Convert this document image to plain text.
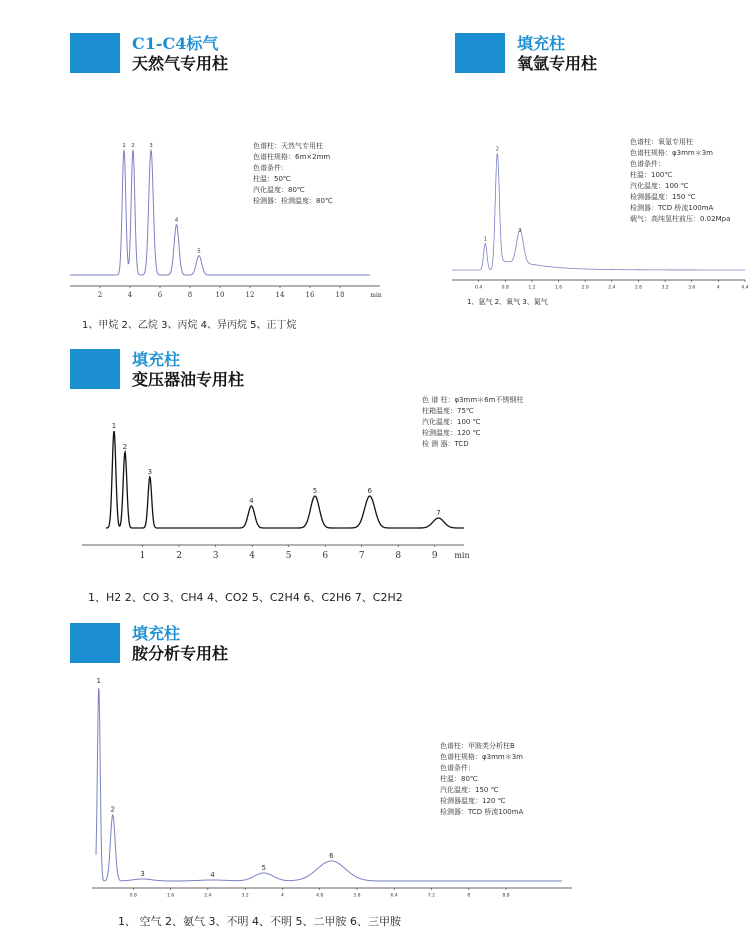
C1-C4标气
天然气专用柱
2	4	6	8	10	12	14	16	18	min
1 2	3
4
5
色谱柱：天然气专用柱
色谱柱规格：6m×2mm
色谱条件：
柱温：50℃
汽化温度：80℃
检测器：检测温度：80℃
1、甲烷 2、乙烷 3、丙烷 4、异丙烷 5、正丁烷
填充柱
氧氩专用柱
0.4	0.8	1.2	1.6	2.0	2.4	2.8	3.2	3.6	4	4.4
1
2
3
色谱柱：氧氩专用柱
色谱柱规格：φ3mm＊3m
色谱条件：
柱温：100℃
汽化温度：100 ℃
检测器温度：150 ℃
检测器：TCD 桥流100mA
载气：高纯氢柱前压：0.02Mpa
1、氩气 2、氧气 3、氮气
填充柱
变压器油专用柱
1	2	3	4	5	6	7	8	9 min
1
2
3
4
5	6
7
色 谱 柱：φ3mm＊6m不锈钢柱
柱箱温度：75℃
汽化温度：100 ℃
检测温度：120 ℃
检 测 器：TCD
1、H2 2、CO 3、CH4 4、CO2 5、C2H4 6、C2H6 7、C2H2
填充柱
胺分析专用柱
0.8	1.6	2.4	3.2	4	4.8	5.6	6.4	7.2	8	8.8
1
2
3	4
5
6
色谱柱：甲胺类分析柱B
色谱柱规格：φ3mm＊3m
色谱条件：
柱温：80℃
汽化温度：150 ℃
检测器温度：120 ℃
检测器：TCD 桥流100mA
1、 空气 2、氨气 3、不明 4、不明 5、二甲胺 6、三甲胺
